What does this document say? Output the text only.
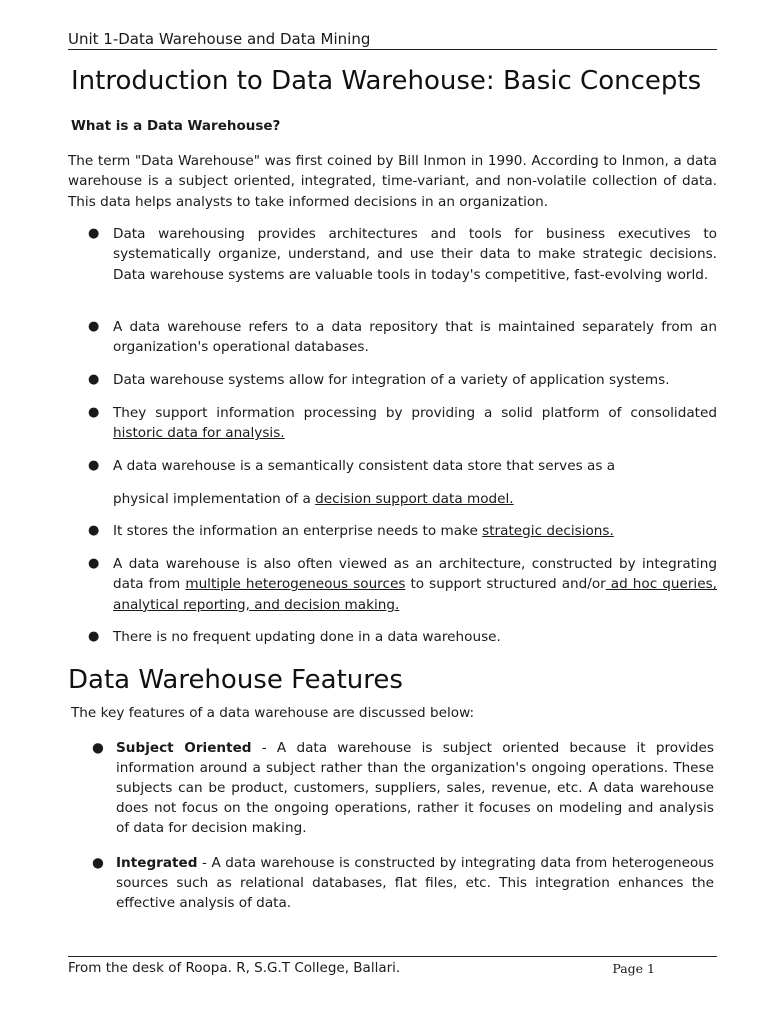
Unit 1-Data Warehouse and Data Mining
Introduction to Data Warehouse: Basic Concepts
What is a Data Warehouse?

The term "Data Warehouse" was first coined by Bill Inmon in 1990. According to Inmon, a data warehouse is a subject oriented, integrated, time-variant, and non-volatile collection of data. This data helps analysts to take informed decisions in an organization.

● Data warehousing provides architectures and tools for business executives to systematically organize, understand, and use their data to make strategic decisions. Data warehouse systems are valuable tools in today's competitive, fast-evolving world.
● A data warehouse refers to a data repository that is maintained separately from an organization's operational databases.
● Data warehouse systems allow for integration of a variety of application systems.
● They support information processing by providing a solid platform of consolidated historic data for analysis.
● A data warehouse is a semantically consistent data store that serves as a
physical implementation of a decision support data model.
● It stores the information an enterprise needs to make strategic decisions.
● A data warehouse is also often viewed as an architecture, constructed by integrating data from multiple heterogeneous sources to support structured and/or ad hoc queries, analytical reporting, and decision making.
● There is no frequent updating done in a data warehouse.
Data Warehouse Features
The key features of a data warehouse are discussed below:
● Subject Oriented - A data warehouse is subject oriented because it provides information around a subject rather than the organization's ongoing operations. These subjects can be product, customers, suppliers, sales, revenue, etc. A data warehouse does not focus on the ongoing operations, rather it focuses on modeling and analysis of data for decision making.
● Integrated - A data warehouse is constructed by integrating data from heterogeneous sources such as relational databases, flat files, etc. This integration enhances the effective analysis of data.
From the desk of Roopa. R, S.G.T College, Ballari.	Page 1
